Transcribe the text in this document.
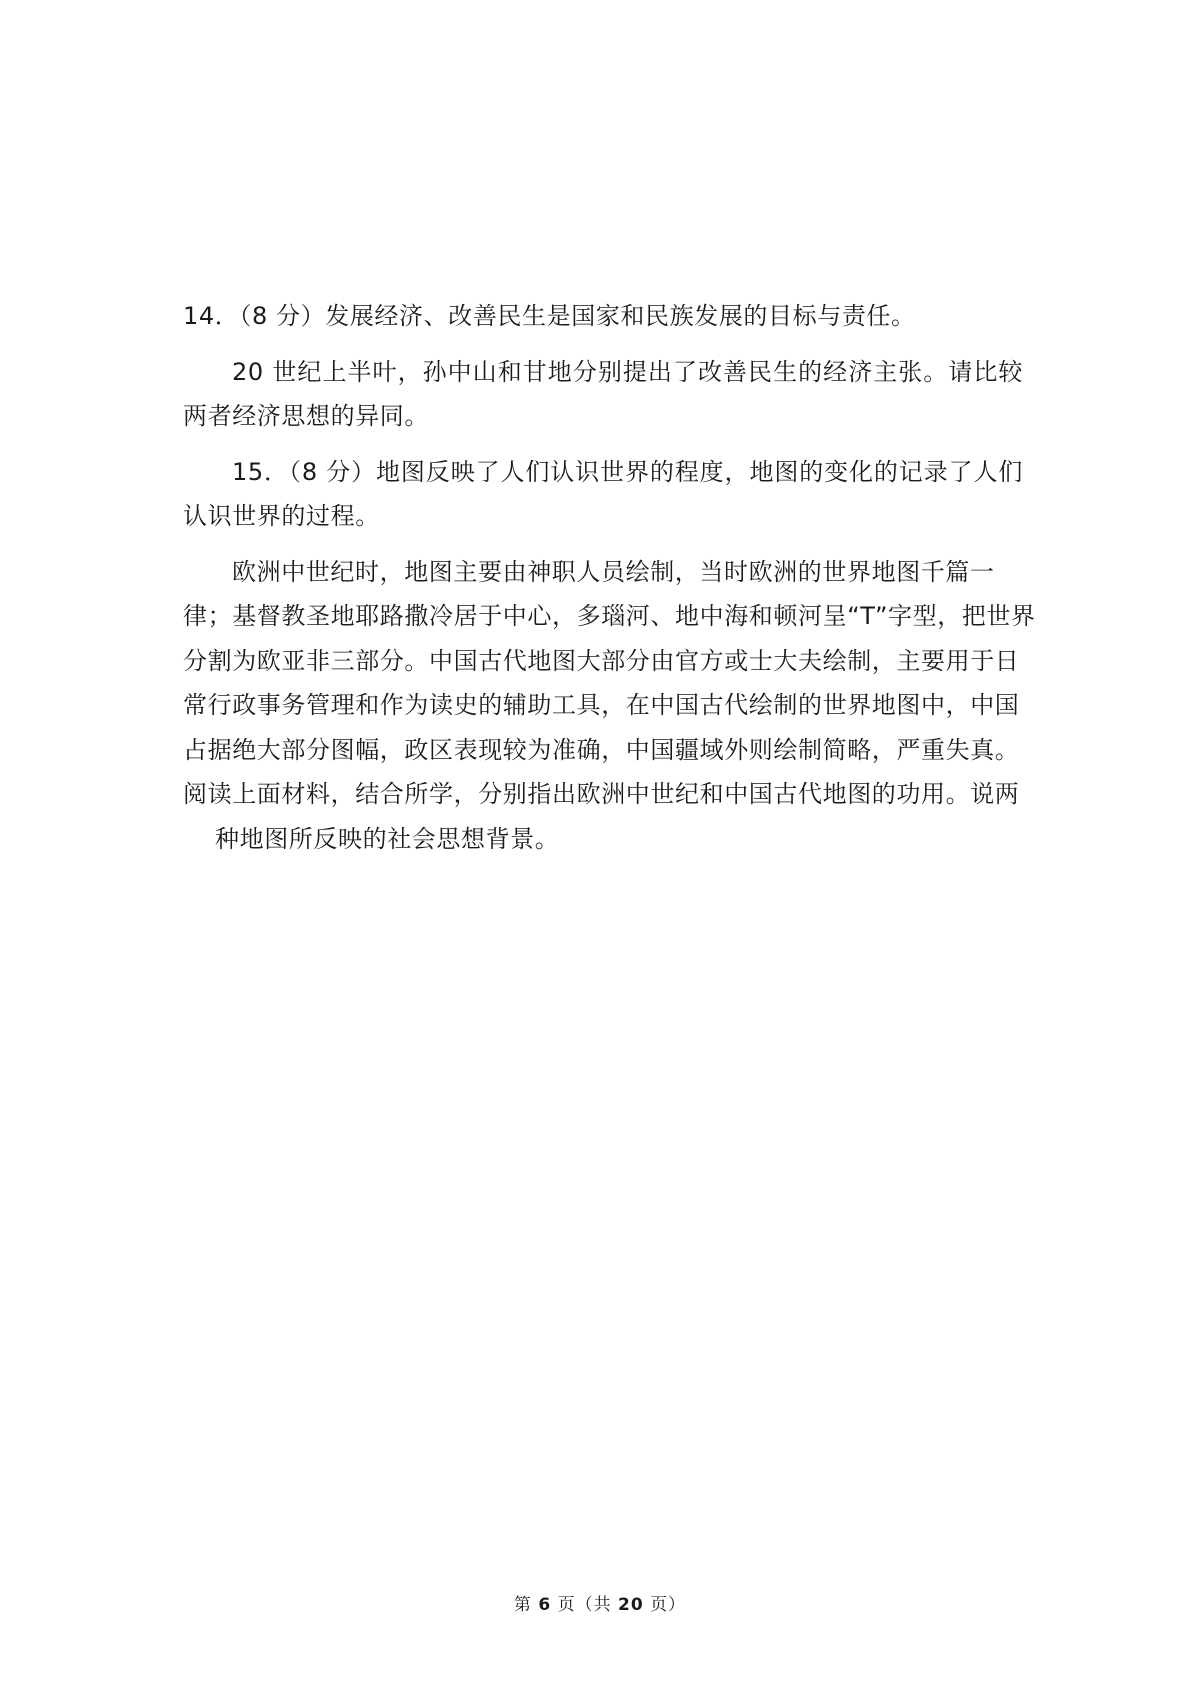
14．（8 分）发展经济、改善民生是国家和民族发展的目标与责任。

20 世纪上半叶，孙中山和甘地分别提出了改善民生的经济主张。请比较两者经济思想的异同。

15．（8 分）地图反映了人们认识世界的程度，地图的变化的记录了人们认识世界的过程。

欧洲中世纪时，地图主要由神职人员绘制，当时欧洲的世界地图千篇一
律；基督教圣地耶路撒冷居于中心，多瑙河、地中海和顿河呈“T”字型，把世界
分割为欧亚非三部分。中国古代地图大部分由官方或士大夫绘制，主要用于日
常行政事务管理和作为读史的辅助工具，在中国古代绘制的世界地图中，中国
占据绝大部分图幅，政区表现较为准确，中国疆域外则绘制简略，严重失真。
阅读上面材料，结合所学，分别指出欧洲中世纪和中国古代地图的功用。说两
种地图所反映的社会思想背景。
第 6 页（共 20 页）
